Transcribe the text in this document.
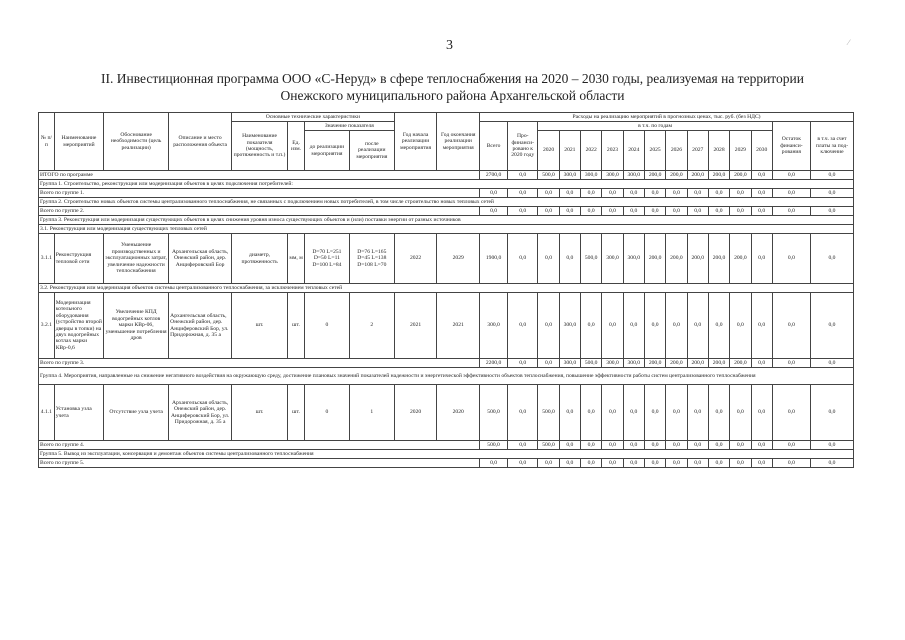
3	⁄
II. Инвестиционная программа ООО «С-Неруд» в сфере теплоснабжения на 2020 – 2030 годы, реализуемая на территории
Онежского муниципального района Архангельской области
№ п/п	Наименование мероприятий	Обоснование необходимости (цель реализации)	Описание и место расположения объекта	Основные технические характеристики				Год начала реализации мероприятия	Год окончания реализации мероприятия	Расходы на реализацию мероприятий в прогнозных ценах, тыс. руб. (без НДС)														
				Наименование показателя (мощность, протяженность и т.п.)	Ед. изм.	Значение показателя				Всего	Про-финанси-ровано к 2020 году	в т.ч. по годам											Остаток финанси-рования	в т.ч. за счет платы за под-ключение
						до реализации мероприятия	после реализации мероприятия					2020	2021	2022	2023	2024	2025	2026	2027	2028	2029	2030		

ИТОГО по программе										2700,0	0,0	500,0	300,0	300,0	300,0	300,0	200,0	200,0	200,0	200,0	200,0	0,0	0,0	0,0
Группа 1. Строительство, реконструкция или модернизация объектов в целях подключения потребителей:																								
Всего по группе 1.										0,0	0,0	0,0	0,0	0,0	0,0	0,0	0,0	0,0	0,0	0,0	0,0	0,0	0,0	0,0
Группа 2. Строительство новых объектов системы централизованного теплоснабжения, не связанных с подключением новых потребителей, в том числе строительство новых тепловых сетей																								
Всего по группе 2.										0,0	0,0	0,0	0,0	0,0	0,0	0,0	0,0	0,0	0,0	0,0	0,0	0,0	0,0	0,0
Группа 3. Реконструкция или модернизация существующих объектов в целях снижения уровня износа существующих объектов и (или) поставки энергии от разных источников																								
3.1. Реконструкция или модернизация существующих тепловых сетей																								
3.1.1	Реконструкция тепловой сети	Уменьшение производственных и эксплуатационных затрат, увеличение надежности теплоснабжения	Архангельская область, Онежский район, дер. Анциферовский Бор	диаметр, протяженность	мм, м	D=70 L=251 D=50 L=11 D=100 L=84	D=76 L=165 D=45 L=138 D=108 L=70	2022	2029	1900,0	0,0	0,0	0,0	500,0	300,0	300,0	200,0	200,0	200,0	200,0	200,0	0,0	0,0	0,0
3.2. Реконструкция или модернизация объектов системы централизованного теплоснабжения, за исключением тепловых сетей																								
3.2.1	Модернизация котельного оборудования (устройство второй дверцы в топки) на двух водогрейных котлах марки КВр-0,6	Увеличение КПД водогрейных котлов марки КВр-06, уменьшение потребления дров	Архангельская область, Онежский район, дер. Анциферовский Бор, ул. Придорожная, д. 35 а	шт.	шт.	0	2	2021	2021	300,0	0,0	0,0	300,0	0,0	0,0	0,0	0,0	0,0	0,0	0,0	0,0	0,0	0,0	0,0
Всего по группе 3.										2200,0	0,0	0,0	300,0	500,0	300,0	300,0	200,0	200,0	200,0	200,0	200,0	0,0	0,0	0,0
Группа 4. Мероприятия, направленные на снижение негативного воздействия на окружающую среду, достижение плановых значений показателей надежности и энергетической эффективности объектов теплоснабжения, повышение эффективности работы систем централизованного теплоснабжения																								
4.1.1	Установка узла учета	Отсутствие узла учета	Архангельская область, Онежский район, дер. Анциферовский Бор, ул. Придорожная, д. 35 а	шт.	шт.	0	1	2020	2020	500,0	0,0	500,0	0,0	0,0	0,0	0,0	0,0	0,0	0,0	0,0	0,0	0,0	0,0	0,0
Всего по группе 4.										500,0	0,0	500,0	0,0	0,0	0,0	0,0	0,0	0,0	0,0	0,0	0,0	0,0	0,0	0,0
Группа 5. Вывод из эксплуатации, консервация и демонтаж объектов системы централизованного теплоснабжения																								
Всего по группе 5.										0,0	0,0	0,0	0,0	0,0	0,0	0,0	0,0	0,0	0,0	0,0	0,0	0,0	0,0	0,0
